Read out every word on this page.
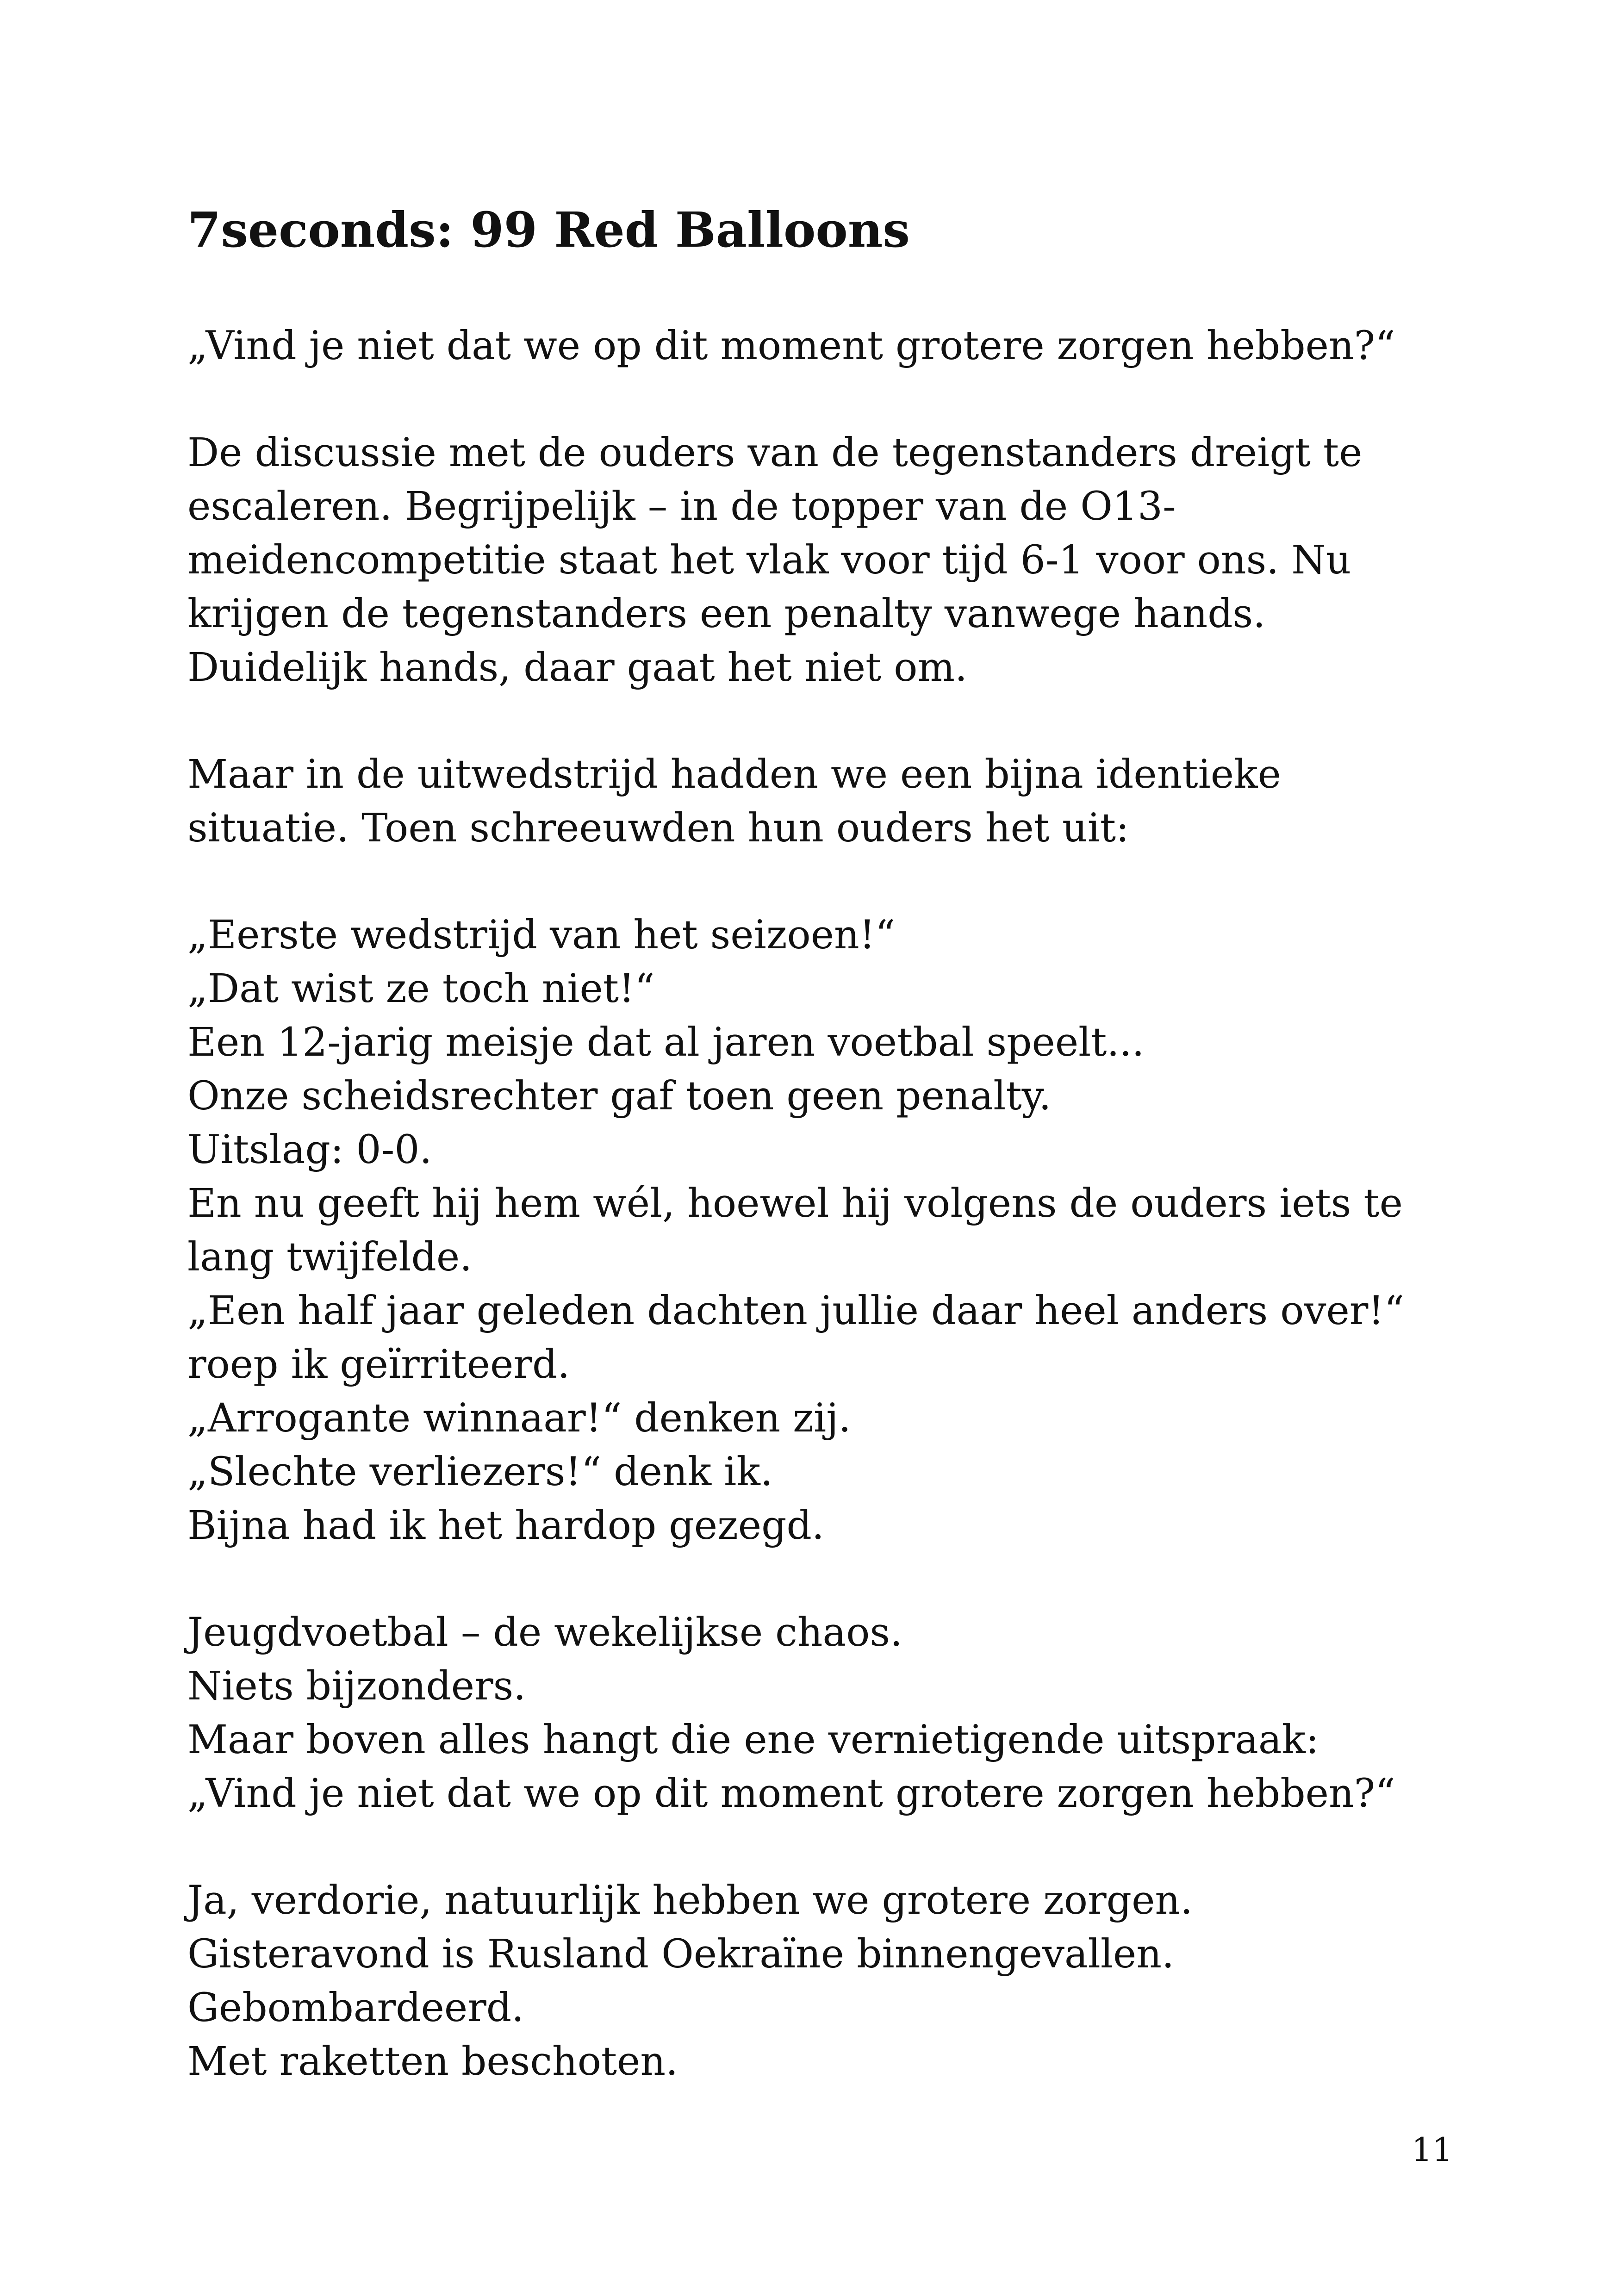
7seconds: 99 Red Balloons

„Vind je niet dat we op dit moment grotere zorgen hebben?“

De discussie met de ouders van de tegenstanders dreigt te
escaleren. Begrijpelijk – in de topper van de O13-
meidencompetitie staat het vlak voor tijd 6-1 voor ons. Nu
krijgen de tegenstanders een penalty vanwege hands.
Duidelijk hands, daar gaat het niet om.

Maar in de uitwedstrijd hadden we een bijna identieke
situatie. Toen schreeuwden hun ouders het uit:

„Eerste wedstrijd van het seizoen!“
„Dat wist ze toch niet!“
Een 12-jarig meisje dat al jaren voetbal speelt...
Onze scheidsrechter gaf toen geen penalty.
Uitslag: 0-0.
En nu geeft hij hem wél, hoewel hij volgens de ouders iets te
lang twijfelde.
„Een half jaar geleden dachten jullie daar heel anders over!“
roep ik geïrriteerd.
„Arrogante winnaar!“ denken zij.
„Slechte verliezers!“ denk ik.
Bijna had ik het hardop gezegd.

Jeugdvoetbal – de wekelijkse chaos.
Niets bijzonders.
Maar boven alles hangt die ene vernietigende uitspraak:
„Vind je niet dat we op dit moment grotere zorgen hebben?“

Ja, verdorie, natuurlijk hebben we grotere zorgen.
Gisteravond is Rusland Oekraïne binnengevallen.
Gebombardeerd.
Met raketten beschoten.

11
